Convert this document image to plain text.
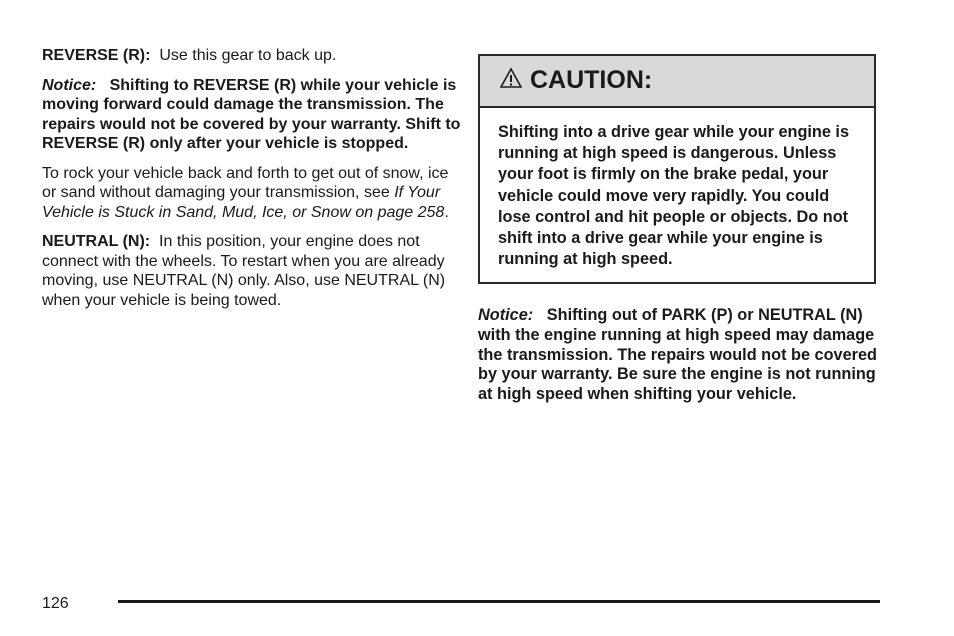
REVERSE (R): Use this gear to back up.

Notice: Shifting to REVERSE (R) while your vehicle is moving forward could damage the transmission. The repairs would not be covered by your warranty. Shift to REVERSE (R) only after your vehicle is stopped.

To rock your vehicle back and forth to get out of snow, ice or sand without damaging your transmission, see If Your Vehicle is Stuck in Sand, Mud, Ice, or Snow on page 258.

NEUTRAL (N): In this position, your engine does not connect with the wheels. To restart when you are already moving, use NEUTRAL (N) only. Also, use NEUTRAL (N) when your vehicle is being towed.

CAUTION:
Shifting into a drive gear while your engine is running at high speed is dangerous. Unless your foot is firmly on the brake pedal, your vehicle could move very rapidly. You could lose control and hit people or objects. Do not shift into a drive gear while your engine is running at high speed.

Notice: Shifting out of PARK (P) or NEUTRAL (N) with the engine running at high speed may damage the transmission. The repairs would not be covered by your warranty. Be sure the engine is not running at high speed when shifting your vehicle.

126
